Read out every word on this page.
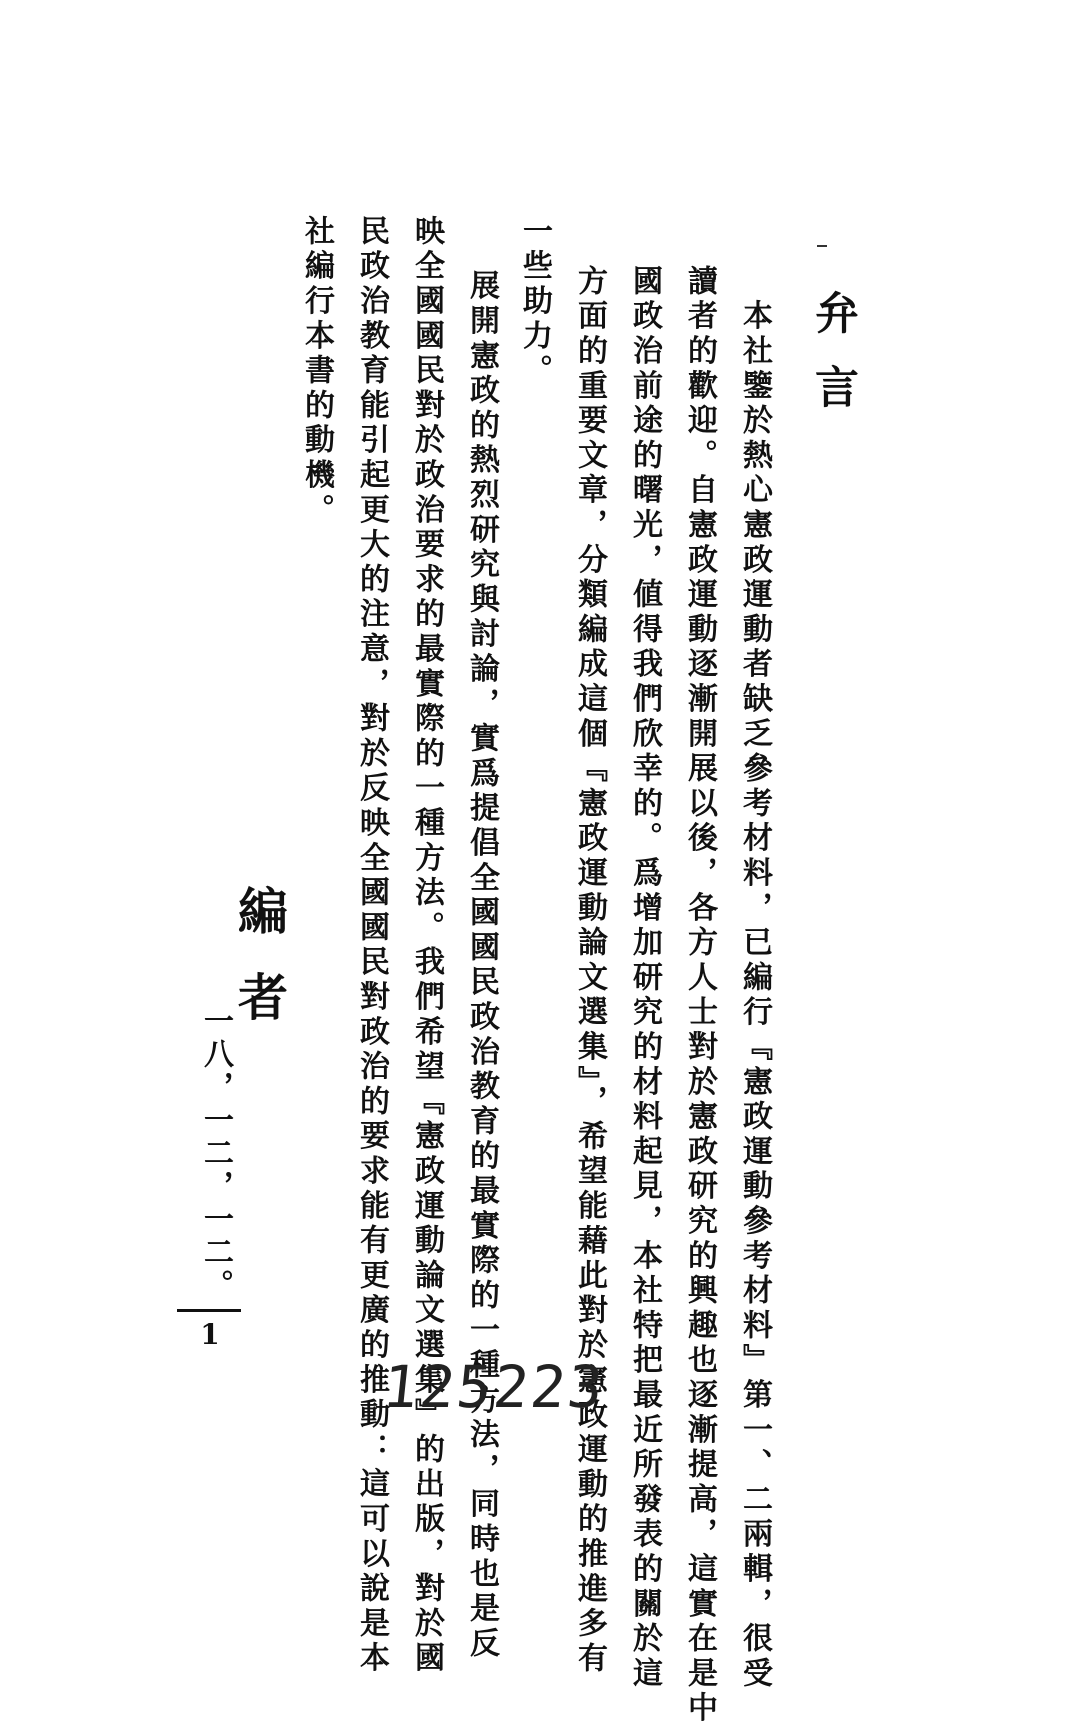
弁言
　本社鑒於熱心憲政運動者缺乏參考材料，已編行『憲政運動參考材料』第一、二兩輯，很受
讀者的歡迎。自憲政運動逐漸開展以後，各方人士對於憲政研究的興趣也逐漸提高，這實在是中
國政治前途的曙光，値得我們欣幸的。爲增加研究的材料起見，本社特把最近所發表的關於這
方面的重要文章，分類編成這個『憲政運動論文選集』，希望能藉此對於憲政運動的推進多有
一些助力。
　展開憲政的熱烈研究與討論，實爲提倡全國國民政治教育的最實際的一種方法，同時也是反
映全國國民對於政治要求的最實際的一種方法。我們希望『憲政運動論文選集』的出版，對於國
民政治教育能引起更大的注意，對於反映全國國民對政治的要求能有更廣的推動：這可以說是本
社編行本書的動機。
編者
一八，一二，一二。
1
125223
